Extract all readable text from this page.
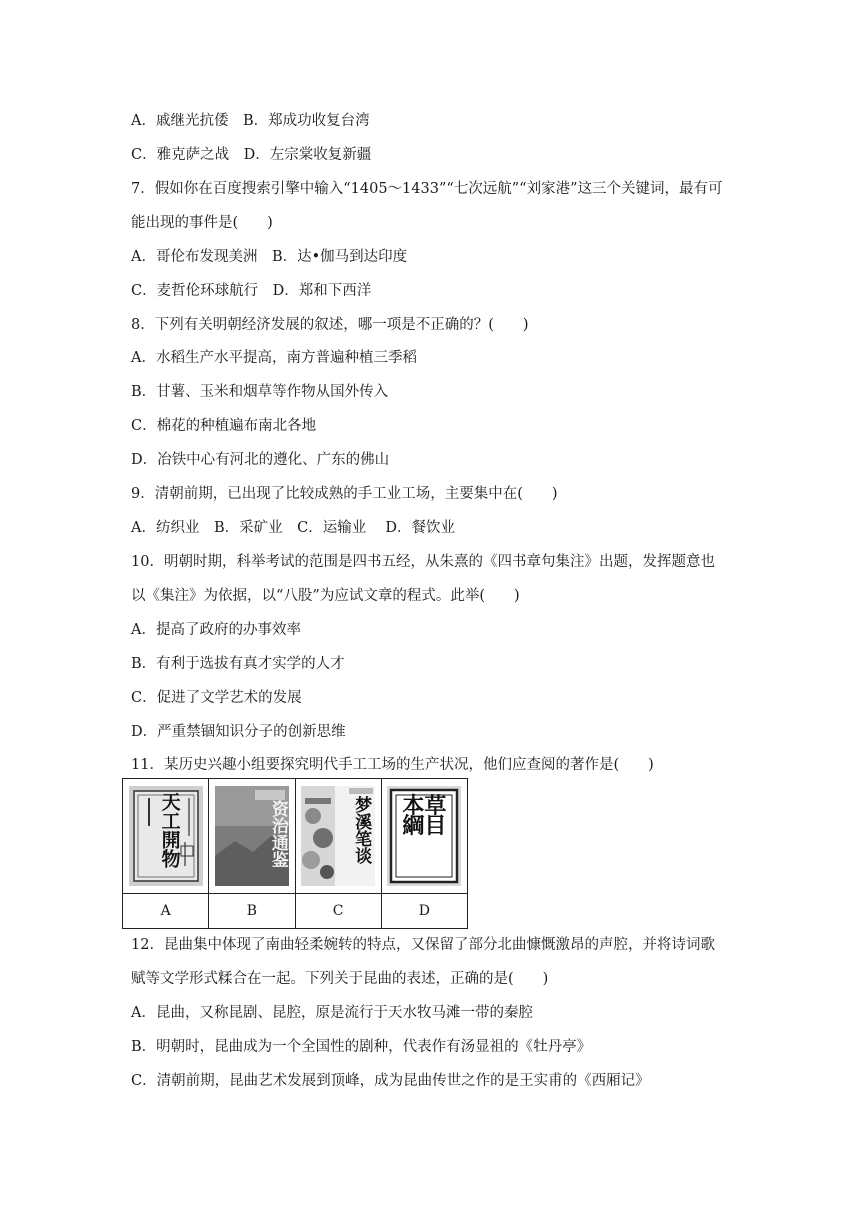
A．戚继光抗倭　B．郑成功收复台湾
C．雅克萨之战　D．左宗棠收复新疆
7．假如你在百度搜索引擎中输入“1405～1433”“七次远航”“刘家港”这三个关键词，最有可
能出现的事件是(　　)
A．哥伦布发现美洲　B．达•伽马到达印度
C．麦哲伦环球航行　D．郑和下西洋
8．下列有关明朝经济发展的叙述，哪一项是不正确的？(　　)
A．水稻生产水平提高，南方普遍种植三季稻
B．甘薯、玉米和烟草等作物从国外传入
C．棉花的种植遍布南北各地
D．冶铁中心有河北的遵化、广东的佛山
9．清朝前期，已出现了比较成熟的手工业工场，主要集中在(　　)
A．纺织业　B．采矿业　C．运输业　 D．餐饮业
10．明朝时期，科举考试的范围是四书五经，从朱熹的《四书章句集注》出题，发挥题意也
以《集注》为依据，以“八股”为应试文章的程式。此举(　　)
A．提高了政府的办事效率
B．有利于选拔有真才实学的人才
C．促进了文学艺术的发展
D．严重禁锢知识分子的创新思维
11．某历史兴趣小组要探究明代手工工场的生产状况，他们应查阅的著作是(　　)
天工開物	资治通鉴	梦溪笔谈	本草綱目

A	B	C	D
12．昆曲集中体现了南曲轻柔婉转的特点，又保留了部分北曲慷慨激昂的声腔，并将诗词歌
赋等文学形式糅合在一起。下列关于昆曲的表述，正确的是(　　)
A．昆曲，又称昆剧、昆腔，原是流行于天水牧马滩一带的秦腔
B．明朝时，昆曲成为一个全国性的剧种，代表作有汤显祖的《牡丹亭》
C．清朝前期，昆曲艺术发展到顶峰，成为昆曲传世之作的是王实甫的《西厢记》
